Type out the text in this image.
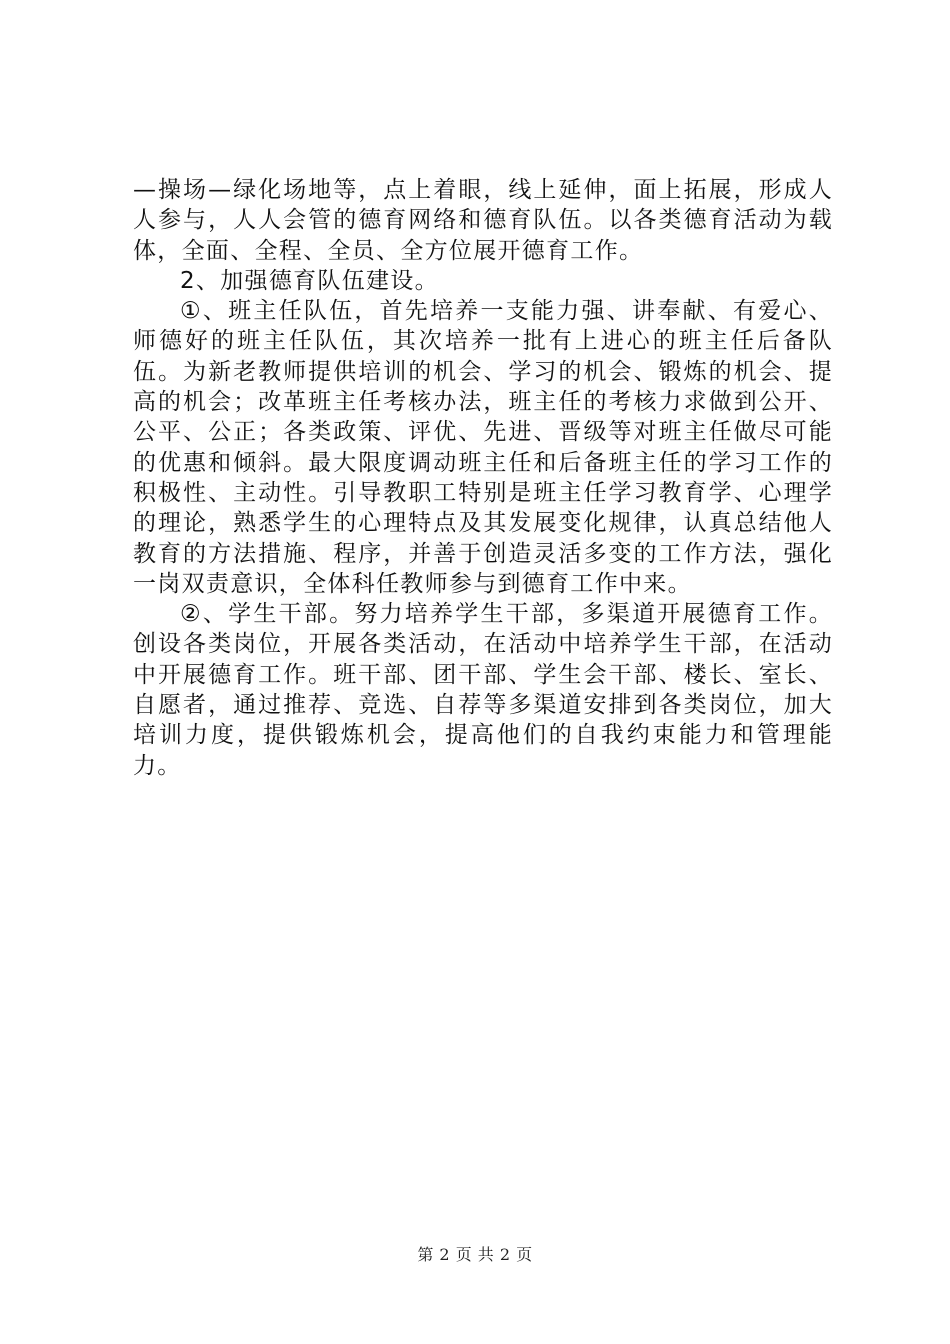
—操场—绿化场地等，点上着眼，线上延伸，面上拓展，形成人人参与，人人会管的德育网络和德育队伍。以各类德育活动为载体，全面、全程、全员、全方位展开德育工作。

2、加强德育队伍建设。

①、班主任队伍，首先培养一支能力强、讲奉献、有爱心、师德好的班主任队伍，其次培养一批有上进心的班主任后备队伍。为新老教师提供培训的机会、学习的机会、锻炼的机会、提高的机会；改革班主任考核办法，班主任的考核力求做到公开、公平、公正；各类政策、评优、先进、晋级等对班主任做尽可能的优惠和倾斜。最大限度调动班主任和后备班主任的学习工作的积极性、主动性。引导教职工特别是班主任学习教育学、心理学的理论，熟悉学生的心理特点及其发展变化规律，认真总结他人教育的方法措施、程序，并善于创造灵活多变的工作方法，强化一岗双责意识，全体科任教师参与到德育工作中来。

②、学生干部。努力培养学生干部，多渠道开展德育工作。创设各类岗位，开展各类活动，在活动中培养学生干部，在活动中开展德育工作。班干部、团干部、学生会干部、楼长、室长、自愿者，通过推荐、竞选、自荐等多渠道安排到各类岗位，加大培训力度，提供锻炼机会，提高他们的自我约束能力和管理能力。

第 2 页 共 2 页
